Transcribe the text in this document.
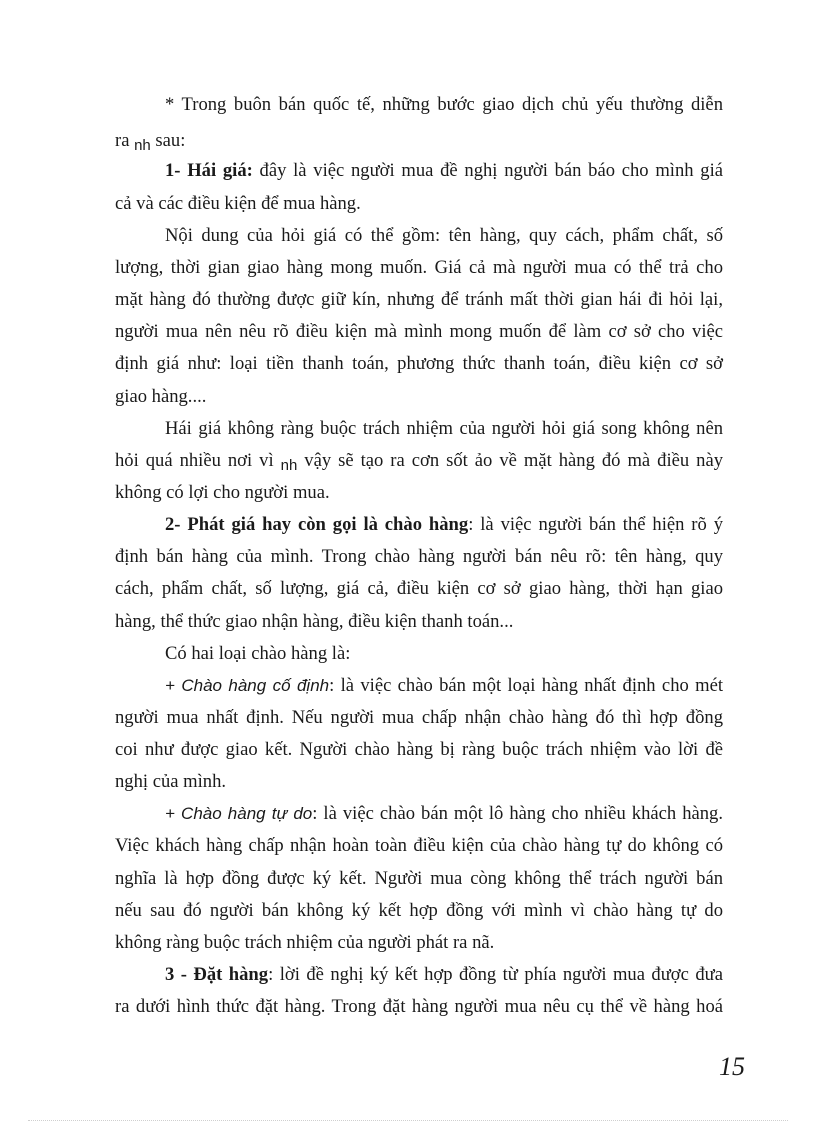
* Trong buôn bán quốc tế, những bước giao dịch chủ yếu thường diễn
ra $_{nh}$ sau:
1- Hái giá: đây là việc người mua đề nghị người bán báo cho mình giá
cả và các điều kiện để mua hàng.
Nội dung của hỏi giá có thể gồm: tên hàng, quy cách, phẩm chất, số
lượng, thời gian giao hàng mong muốn. Giá cả mà người mua có thể trả cho
mặt hàng đó thường được giữ kín, nhưng để tránh mất thời gian hái đi hỏi lại,
người mua nên nêu rõ điều kiện mà mình mong muốn để làm cơ sở cho việc
định giá như: loại tiền thanh toán, phương thức thanh toán, điều kiện cơ sở
giao hàng....
Hái giá không ràng buộc trách nhiệm của người hỏi giá song không nên
hỏi quá nhiều nơi vì $_{nh}$ vậy sẽ tạo ra cơn sốt ảo về mặt hàng đó mà điều này
không có lợi cho người mua.
2- Phát giá hay còn gọi là chào hàng: là việc người bán thể hiện rõ ý
định bán hàng của mình. Trong chào hàng người bán nêu rõ: tên hàng, quy
cách, phẩm chất, số lượng, giá cả, điều kiện cơ sở giao hàng, thời hạn giao
hàng, thể thức giao nhận hàng, điều kiện thanh toán...
Có hai loại chào hàng là:
+ Chào hàng cố định: là việc chào bán một loại hàng nhất định cho mét
người mua nhất định. Nếu người mua chấp nhận chào hàng đó thì hợp đồng
coi như được giao kết. Người chào hàng bị ràng buộc trách nhiệm vào lời đề
nghị của mình.
+ Chào hàng tự do: là việc chào bán một lô hàng cho nhiều khách hàng.
Việc khách hàng chấp nhận hoàn toàn điều kiện của chào hàng tự do không có
nghĩa là hợp đồng được ký kết. Người mua còng không thể trách người bán
nếu sau đó người bán không ký kết hợp đồng với mình vì chào hàng tự do
không ràng buộc trách nhiệm của người phát ra nã.
3 - Đặt hàng: lời đề nghị ký kết hợp đồng từ phía người mua được đưa
ra dưới hình thức đặt hàng. Trong đặt hàng người mua nêu cụ thể về hàng hoá
15
